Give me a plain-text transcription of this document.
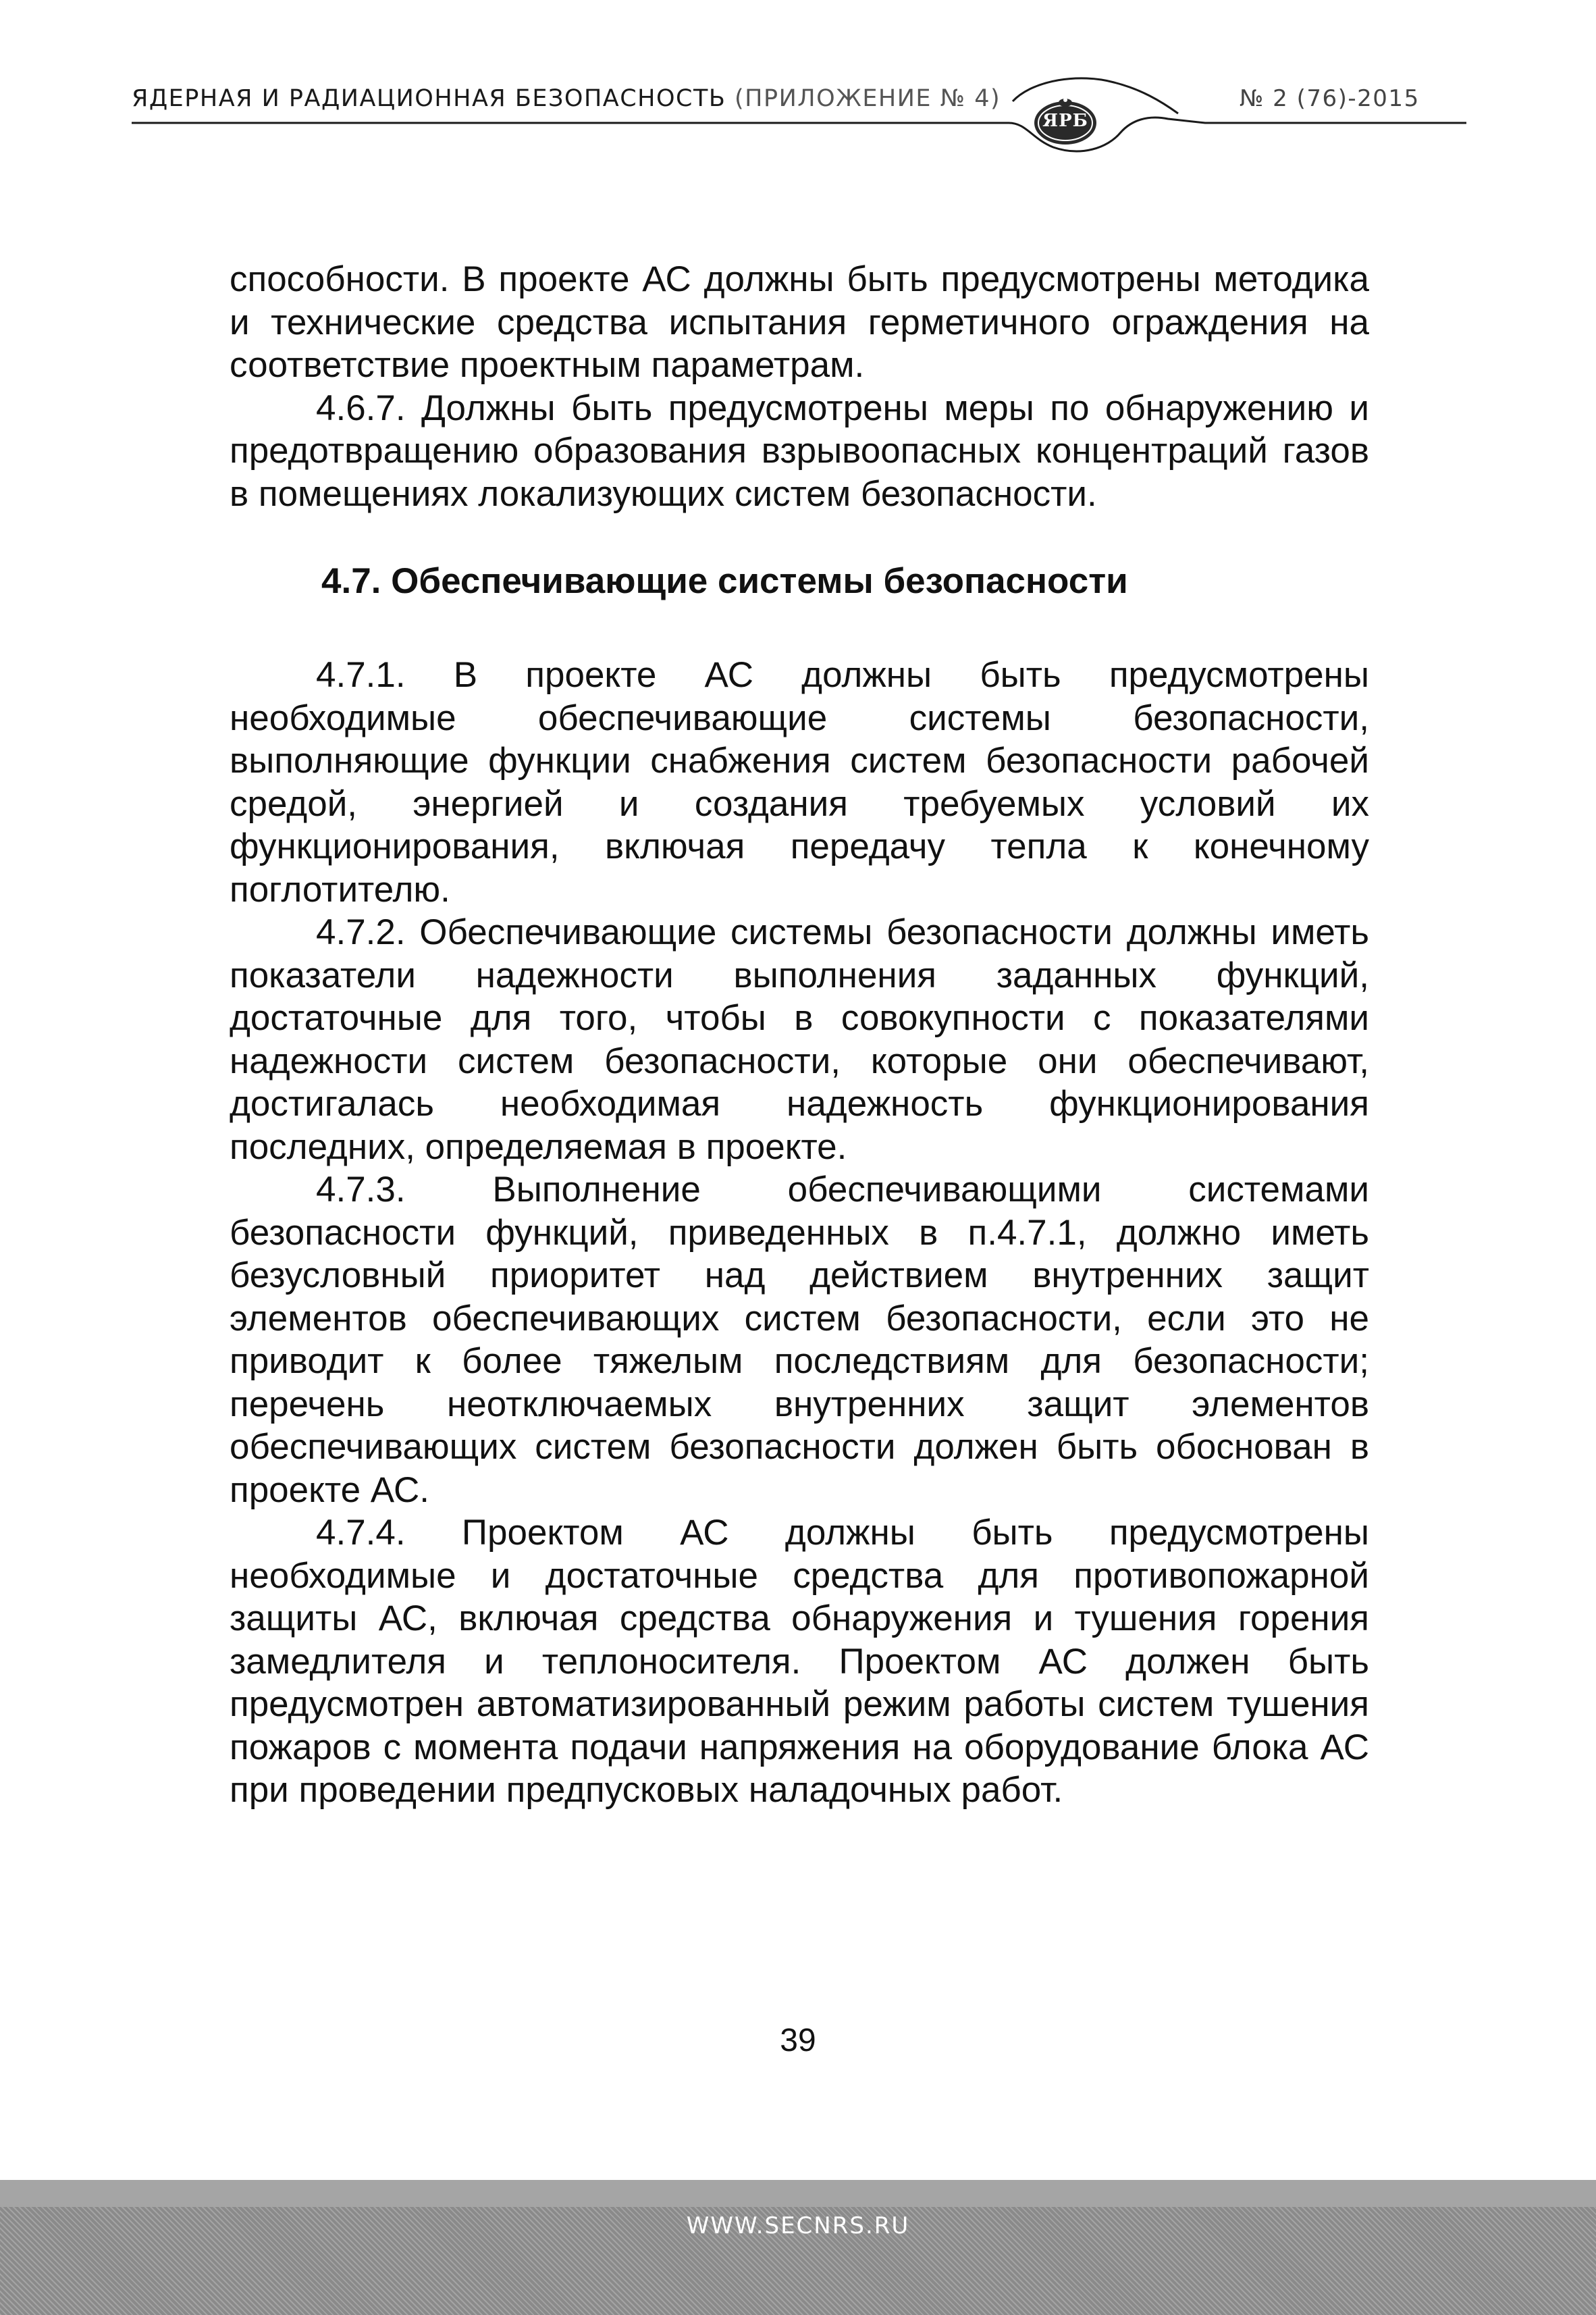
ЯРБ
ЯДЕРНАЯ И РАДИАЦИОННАЯ БЕЗОПАСНОСТЬ (ПРИЛОЖЕНИЕ № 4)	№ 2 (76)-2015

способности. В проекте АС должны быть предусмотрены методика и технические средства испытания герметичного ограждения на соответствие проектным параметрам.

4.6.7. Должны быть предусмотрены меры по обнаружению и предотвращению образования взрывоопасных концентраций газов в помещениях локализующих систем безопасности.

4.7. Обеспечивающие системы безопасности

4.7.1. В проекте АС должны быть предусмотрены необходимые обеспечивающие системы безопасности, выполняющие функции снабжения систем безопасности рабочей средой, энергией и создания требуемых условий их функционирования, включая передачу тепла к конечному поглотителю.

4.7.2. Обеспечивающие системы безопасности должны иметь показатели надежности выполнения заданных функций, достаточные для того, чтобы в совокупности с показателями надежности систем безопасности, которые они обеспечивают, достигалась необходимая надежность функционирования последних, определяемая в проекте.

4.7.3. Выполнение обеспечивающими системами безопасности функций, приведенных в п.4.7.1, должно иметь безусловный приоритет над действием внутренних защит элементов обеспечивающих систем безопасности, если это не приводит к более тяжелым последствиям для безопасности; перечень неотключаемых внутренних защит элементов обеспечивающих систем безопасности должен быть обоснован в проекте АС.

4.7.4. Проектом АС должны быть предусмотрены необходимые и достаточные средства для противопожарной защиты АС, включая средства обнаружения и тушения горения замедлителя и теплоносителя. Проектом АС должен быть предусмотрен автоматизированный режим работы систем тушения пожаров с момента подачи напряжения на оборудование блока АС при проведении предпусковых наладочных работ.

39
WWW.SECNRS.RU
